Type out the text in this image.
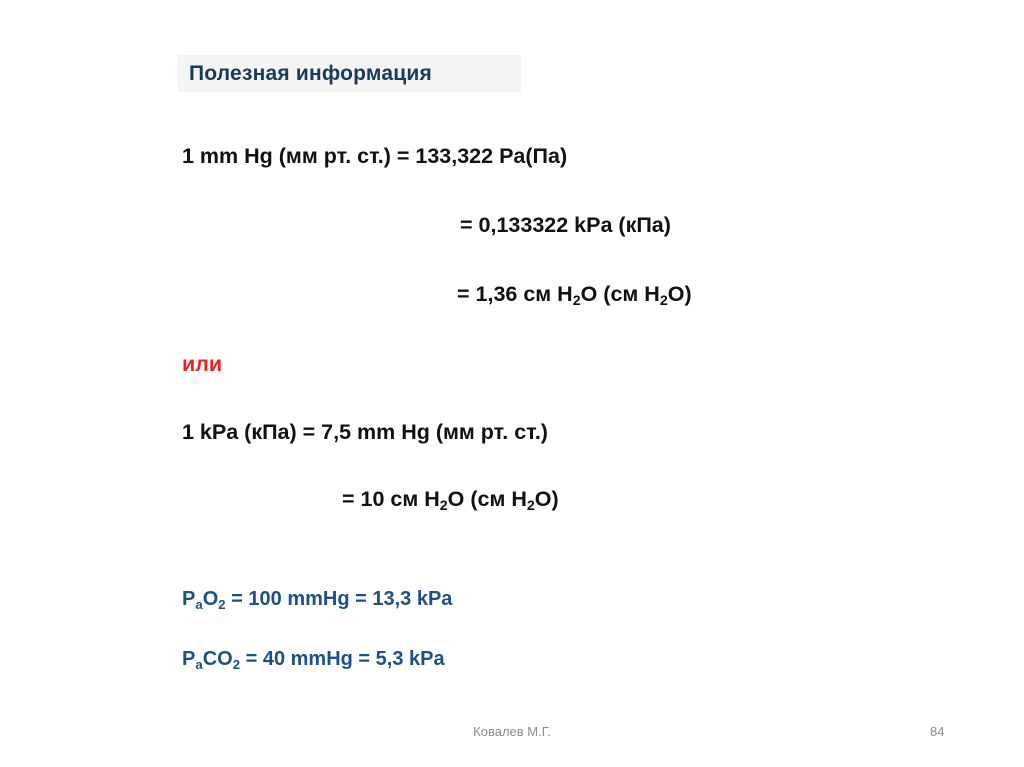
Полезная информация
1 mm Hg (мм рт. ст.) = 133,322 Pa(Па)
= 0,133322 kPa (кПа)
= 1,36 см $H_2O$ (см $H_2O$)
или
1 kPa (кПа) = 7,5 mm Hg (мм рт. ст.)
= 10 см $H_2O$ (см $H_2O$)
$P_aO_2 = 100$ mmHg = 13,3 kPa
$P_aCO_2 = 40$ mmHg = 5,3 kPa
Ковалев М.Г.	84
